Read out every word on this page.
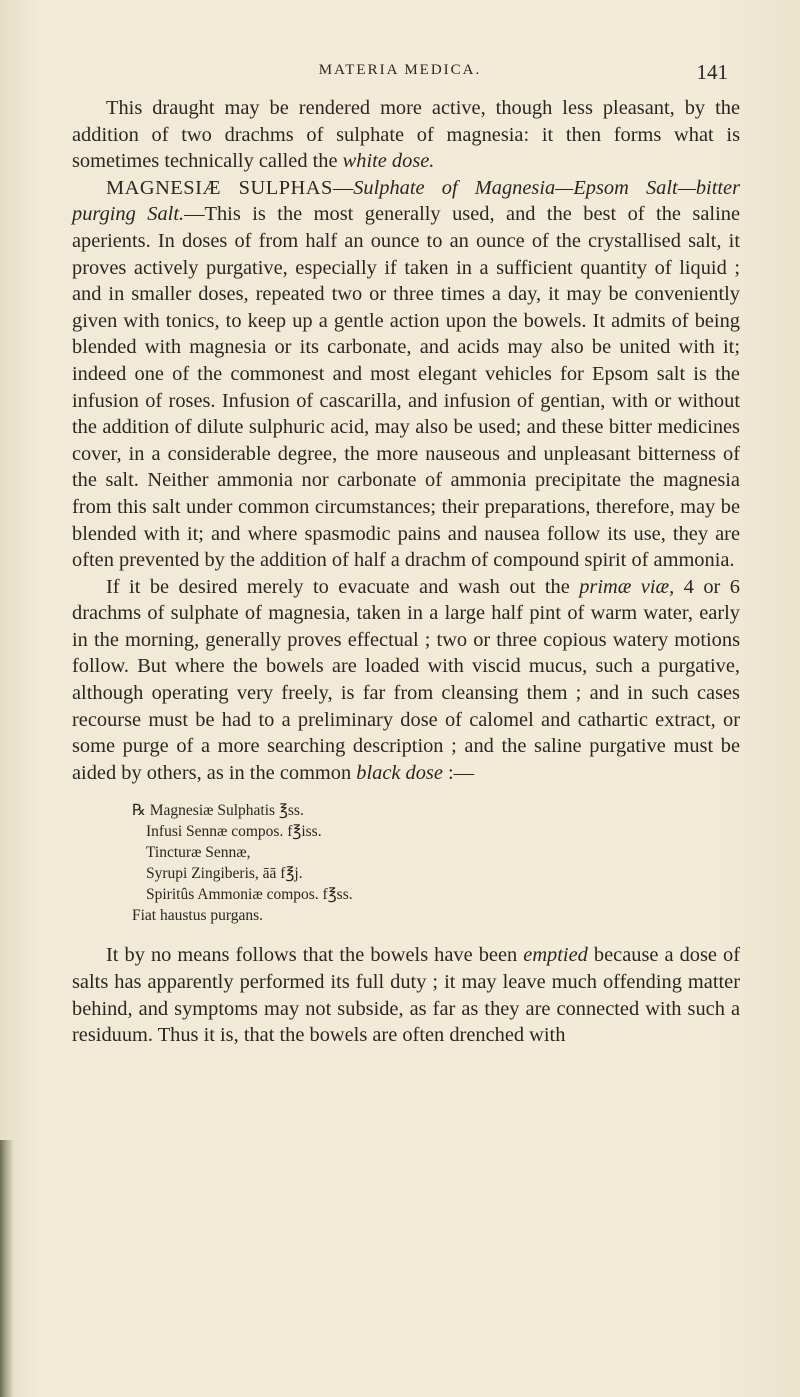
MATERIA MEDICA.	141

This draught may be rendered more active, though less pleasant, by the addition of two drachms of sulphate of magnesia: it then forms what is sometimes technically called the white dose.

MAGNESIÆ SULPHAS—Sulphate of Magnesia—Epsom Salt—bitter purging Salt.—This is the most generally used, and the best of the saline aperients. In doses of from half an ounce to an ounce of the crystallised salt, it proves actively purgative, especially if taken in a sufficient quantity of liquid ; and in smaller doses, repeated two or three times a day, it may be conveniently given with tonics, to keep up a gentle action upon the bowels. It admits of being blended with magnesia or its carbonate, and acids may also be united with it; indeed one of the commonest and most elegant vehicles for Epsom salt is the infusion of roses. Infusion of cascarilla, and infusion of gentian, with or without the addition of dilute sulphuric acid, may also be used; and these bitter medicines cover, in a considerable degree, the more nauseous and unpleasant bitterness of the salt. Neither ammonia nor carbonate of ammonia precipitate the magnesia from this salt under common circumstances; their preparations, therefore, may be blended with it; and where spasmodic pains and nausea follow its use, they are often prevented by the addition of half a drachm of compound spirit of ammonia.

If it be desired merely to evacuate and wash out the primæ viæ, 4 or 6 drachms of sulphate of magnesia, taken in a large half pint of warm water, early in the morning, generally proves effectual ; two or three copious watery motions follow. But where the bowels are loaded with viscid mucus, such a purgative, although operating very freely, is far from cleansing them ; and in such cases recourse must be had to a preliminary dose of calomel and cathartic extract, or some purge of a more searching description ; and the saline purgative must be aided by others, as in the common black dose :—

℞ Magnesiæ Sulphatis ℥ss.
Infusi Sennæ compos. f℥iss.
Tincturæ Sennæ,
Syrupi Zingiberis, āā f℥j.
Spiritûs Ammoniæ compos. f℥ss.
Fiat haustus purgans.

It by no means follows that the bowels have been emptied because a dose of salts has apparently performed its full duty ; it may leave much offending matter behind, and symptoms may not subside, as far as they are connected with such a residuum. Thus it is, that the bowels are often drenched with
